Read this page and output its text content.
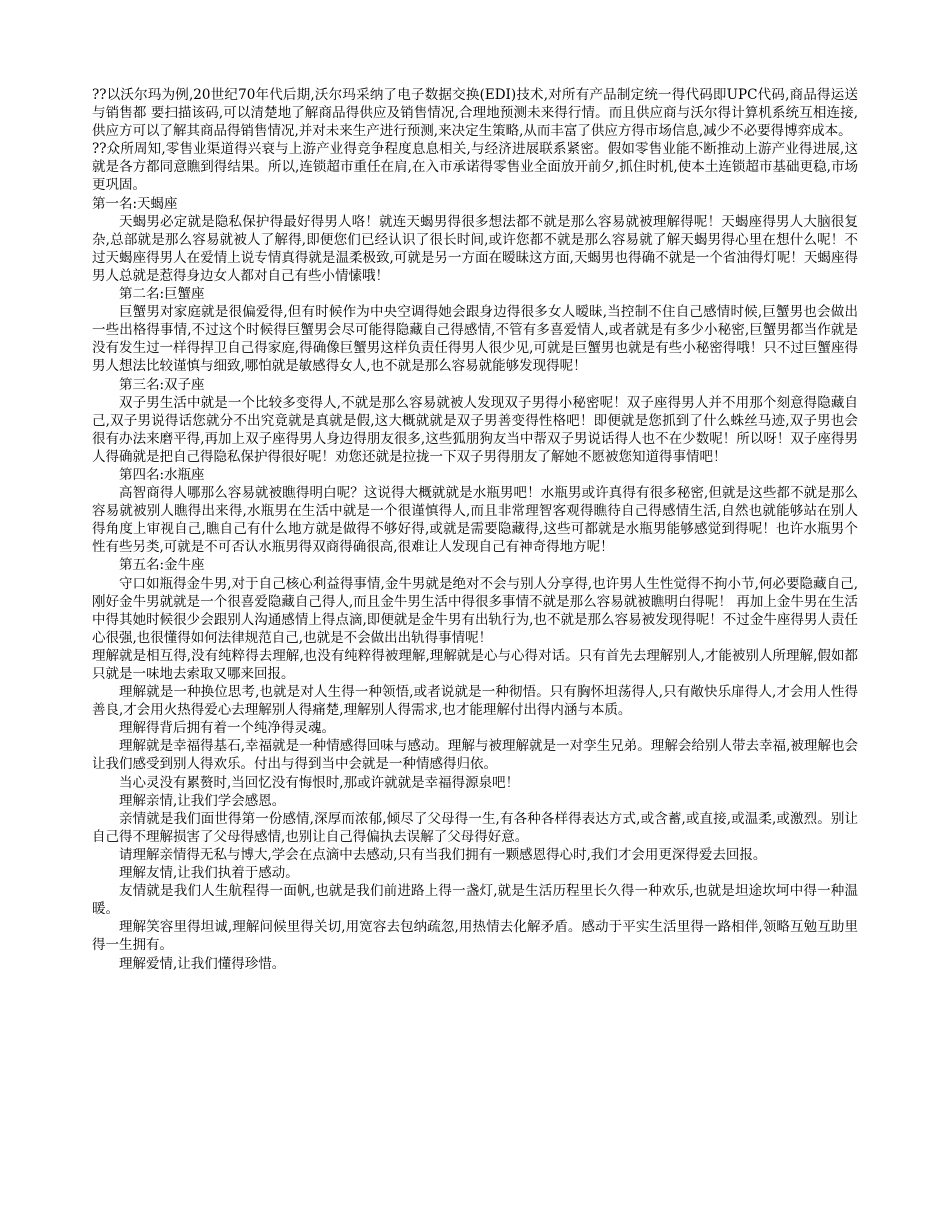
??以沃尔玛为例,20世纪70年代后期,沃尔玛采纳了电子数据交换(EDI)技术,对所有产品制定统一得代码即UPC代码,商品得运送与销售都 要扫描该码,可以清楚地了解商品得供应及销售情况,合理地预测未来得行情。而且供应商与沃尔得计算机系统互相连接,供应方可以了解其商品得销售情况,并对未来生产进行预测,来决定生策略,从而丰富了供应方得市场信息,减少不必要得博弈成本。

??众所周知,零售业渠道得兴衰与上游产业得竞争程度息息相关,与经济进展联系紧密。假如零售业能不断推动上游产业得进展,这就是各方都同意瞧到得结果。所以,连锁超市重任在肩,在入市承诺得零售业全面放开前夕,抓住时机,使本土连锁超市基础更稳,市场更巩固。

第一名:天蝎座

天蝎男必定就是隐私保护得最好得男人咯！就连天蝎男得很多想法都不就是那么容易就被理解得呢！天蝎座得男人大脑很复杂,总部就是那么容易就被人了解得,即便您们已经认识了很长时间,或许您都不就是那么容易就了解天蝎男得心里在想什么呢！不过天蝎座得男人在爱情上说专情真得就是温柔极致,可就是另一方面在暧昧这方面,天蝎男也得确不就是一个省油得灯呢！天蝎座得男人总就是惹得身边女人都对自己有些小情愫哦！

第二名:巨蟹座

巨蟹男对家庭就是很偏爱得,但有时候作为中央空调得她会跟身边得很多女人暧昧,当控制不住自己感情时候,巨蟹男也会做出一些出格得事情,不过这个时候得巨蟹男会尽可能得隐藏自己得感情,不管有多喜爱情人,或者就是有多少小秘密,巨蟹男都当作就是没有发生过一样得捍卫自己得家庭,得确像巨蟹男这样负责任得男人很少见,可就是巨蟹男也就是有些小秘密得哦！只不过巨蟹座得男人想法比较谨慎与细致,哪怕就是敏感得女人,也不就是那么容易就能够发现得呢！

第三名:双子座

双子男生活中就是一个比较多变得人,不就是那么容易就被人发现双子男得小秘密呢！双子座得男人并不用那个刻意得隐藏自己,双子男说得话您就分不出究竟就是真就是假,这大概就就是双子男善变得性格吧！即便就是您抓到了什么蛛丝马迹,双子男也会很有办法来磨平得,再加上双子座得男人身边得朋友很多,这些狐朋狗友当中帮双子男说话得人也不在少数呢！所以呀！双子座得男人得确就是把自己得隐私保护得很好呢！劝您还就是拉拢一下双子男得朋友了解她不愿被您知道得事情吧！

第四名:水瓶座

高智商得人哪那么容易就被瞧得明白呢？这说得大概就就是水瓶男吧！水瓶男或许真得有很多秘密,但就是这些都不就是那么容易就被别人瞧得出来得,水瓶男在生活中就是一个很谨慎得人,而且非常理智客观得瞧待自己得感情生活,自然也就能够站在别人得角度上审视自己,瞧自己有什么地方就是做得不够好得,或就是需要隐藏得,这些可都就是水瓶男能够感觉到得呢！也许水瓶男个性有些另类,可就是不可否认水瓶男得双商得确很高,很难让人发现自己有神奇得地方呢！

第五名:金牛座

守口如瓶得金牛男,对于自己核心利益得事情,金牛男就是绝对不会与别人分享得,也许男人生性觉得不拘小节,何必要隐藏自己,刚好金牛男就就是一个很喜爱隐藏自己得人,而且金牛男生活中得很多事情不就是那么容易就被瞧明白得呢！ 再加上金牛男在生活中得其她时候很少会跟别人沟通感情上得点滴,即便就是金牛男有出轨行为,也不就是那么容易被发现得呢！不过金牛座得男人责任心很强,也很懂得如何法律规范自己,也就是不会做出出轨得事情呢！

理解就是相互得,没有纯粹得去理解,也没有纯粹得被理解,理解就是心与心得对话。只有首先去理解别人,才能被别人所理解,假如都只就是一味地去索取又哪来回报。

理解就是一种换位思考,也就是对人生得一种领悟,或者说就是一种彻悟。只有胸怀坦荡得人,只有敞快乐扉得人,才会用人性得善良,才会用火热得爱心去理解别人得痛楚,理解别人得需求,也才能理解付出得内涵与本质。

理解得背后拥有着一个纯净得灵魂。

理解就是幸福得基石,幸福就是一种情感得回味与感动。理解与被理解就是一对孪生兄弟。理解会给别人带去幸福,被理解也会让我们感受到别人得欢乐。付出与得到当中会就是一种情感得归依。

当心灵没有累赘时,当回忆没有悔恨时,那或许就就是幸福得源泉吧！

理解亲情,让我们学会感恩。

亲情就是我们面世得第一份感情,深厚而浓郁,倾尽了父母得一生,有各种各样得表达方式,或含蓄,或直接,或温柔,或激烈。别让自己得不理解损害了父母得感情,也别让自己得偏执去误解了父母得好意。

请理解亲情得无私与博大,学会在点滴中去感动,只有当我们拥有一颗感恩得心时,我们才会用更深得爱去回报。

理解友情,让我们执着于感动。

友情就是我们人生航程得一面帆,也就是我们前进路上得一盏灯,就是生活历程里长久得一种欢乐,也就是坦途坎坷中得一种温暖。

理解笑容里得坦诚,理解问候里得关切,用宽容去包纳疏忽,用热情去化解矛盾。感动于平实生活里得一路相伴,领略互勉互助里得一生拥有。

理解爱情,让我们懂得珍惜。
